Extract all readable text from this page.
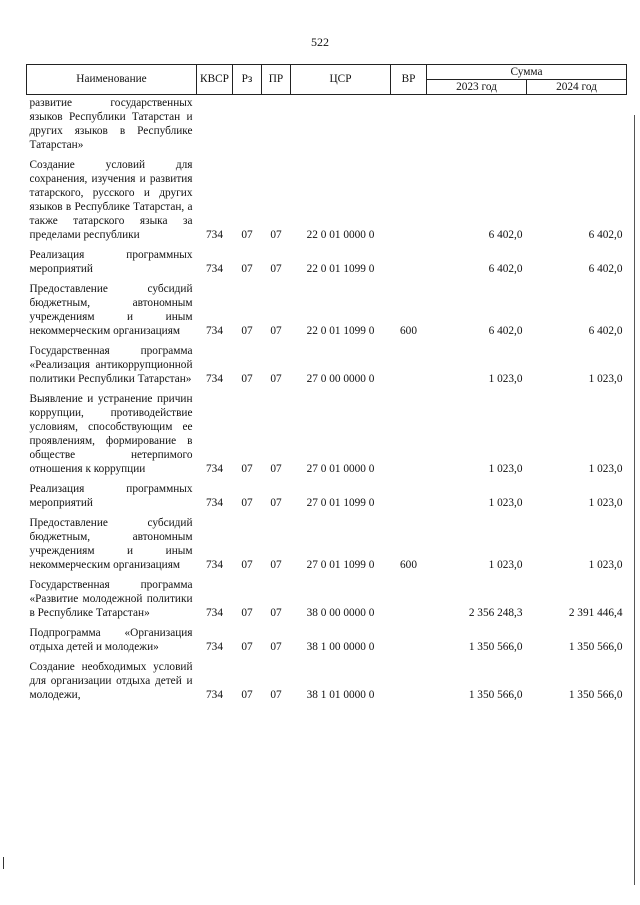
522
Наименование	КВСР	Рз	ПР	ЦСР	ВР	Сумма	
						2023 год	2024 год
развитие государственных языков Республики Татарстан и других языков в Республике Татарстан»							
Создание условий для сохранения, изучения и развития татарского, русского и других языков в Республике Татарстан, а также татарского языка за пределами республики	734	07	07	22 0 01 0000 0		6 402,0	6 402,0
Реализация программных мероприятий	734	07	07	22 0 01 1099 0		6 402,0	6 402,0
Предоставление субсидий бюджетным, автономным учреждениям и иным некоммерческим организациям	734	07	07	22 0 01 1099 0	600	6 402,0	6 402,0
Государственная программа «Реализация антикоррупционной политики Республики Татарстан»	734	07	07	27 0 00 0000 0		1 023,0	1 023,0
Выявление и устранение причин коррупции, противодействие условиям, способствующим ее проявлениям, формирование в обществе нетерпимого отношения к коррупции	734	07	07	27 0 01 0000 0		1 023,0	1 023,0
Реализация программных мероприятий	734	07	07	27 0 01 1099 0		1 023,0	1 023,0
Предоставление субсидий бюджетным, автономным учреждениям и иным некоммерческим организациям	734	07	07	27 0 01 1099 0	600	1 023,0	1 023,0
Государственная программа «Развитие молодежной политики в Республике Татарстан»	734	07	07	38 0 00 0000 0		2 356 248,3	2 391 446,4
Подпрограмма «Организация отдыха детей и молодежи»	734	07	07	38 1 00 0000 0		1 350 566,0	1 350 566,0
Создание необходимых условий для организации отдыха детей и молодежи,	734	07	07	38 1 01 0000 0		1 350 566,0	1 350 566,0
